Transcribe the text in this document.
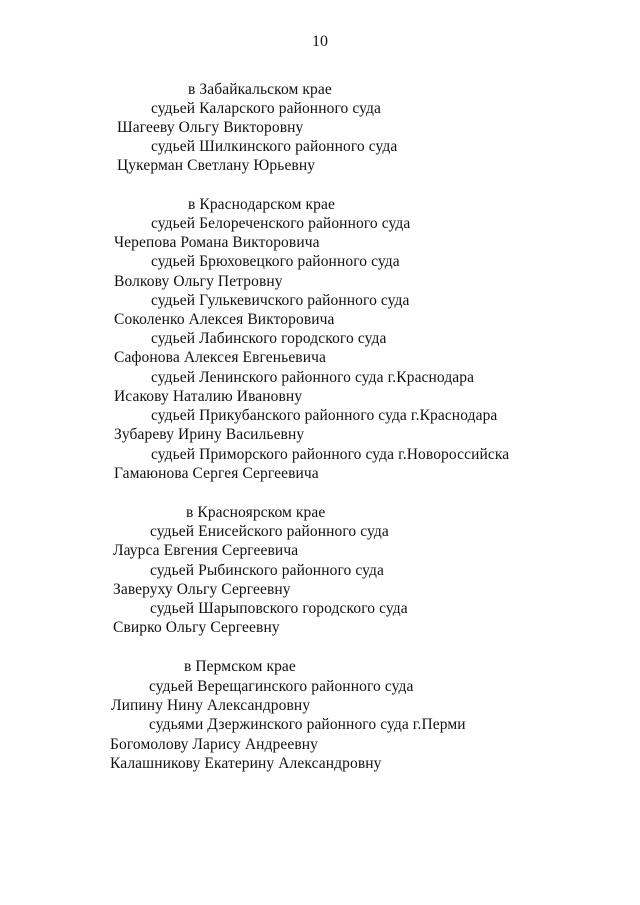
10
в Забайкальском крае
судьей Каларского районного суда
Шагееву Ольгу Викторовну
судьей Шилкинского районного суда
Цукерман Светлану Юрьевну
в Краснодарском крае
судьей Белореченского районного суда
Черепова Романа Викторовича
судьей Брюховецкого районного суда
Волкову Ольгу Петровну
судьей Гулькевичского районного суда
Соколенко Алексея Викторовича
судьей Лабинского городского суда
Сафонова Алексея Евгеньевича
судьей Ленинского районного суда г.Краснодара
Исакову Наталию Ивановну
судьей Прикубанского районного суда г.Краснодара
Зубареву Ирину Васильевну
судьей Приморского районного суда г.Новороссийска
Гамаюнова Сергея Сергеевича
в Красноярском крае
судьей Енисейского районного суда
Лаурса Евгения Сергеевича
судьей Рыбинского районного суда
Заверуху Ольгу Сергеевну
судьей Шарыповского городского суда
Свирко Ольгу Сергеевну
в Пермском крае
судьей Верещагинского районного суда
Липину Нину Александровну
судьями Дзержинского районного суда г.Перми
Богомолову Ларису Андреевну
Калашникову Екатерину Александровну
